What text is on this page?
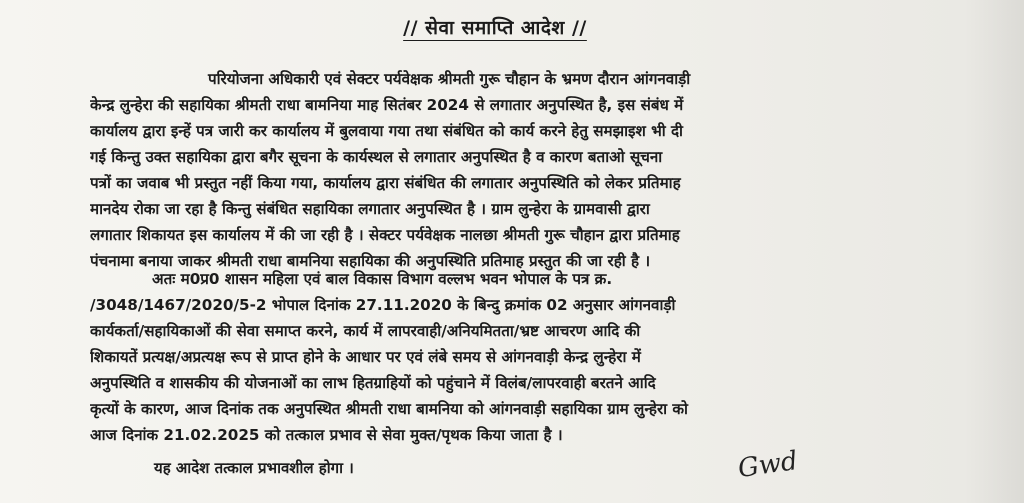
// सेवा समाप्ति आदेश //
परियोजना अधिकारी एवं सेक्टर पर्यवेक्षक श्रीमती गुरू चौहान के भ्रमण दौरान आंगनवाड़ी
केन्द्र लुन्हेरा की सहायिका श्रीमती राधा बामनिया माह सितंबर 2024 से लगातार अनुपस्थित है, इस संबंध में
कार्यालय द्वारा इन्हें पत्र जारी कर कार्यालय में बुलवाया गया तथा संबंधित को कार्य करने हेतु समझाइश भी दी
गई किन्तु उक्त सहायिका द्वारा बगैर सूचना के कार्यस्थल से लगातार अनुपस्थित है व कारण बताओ सूचना
पत्रों का जवाब भी प्रस्तुत नहीं किया गया, कार्यालय द्वारा संबंधित की लगातार अनुपस्थिति को लेकर प्रतिमाह
मानदेय रोका जा रहा है किन्तु संबंधित सहायिका लगातार अनुपस्थित है । ग्राम लुन्हेरा के ग्रामवासी द्वारा
लगातार शिकायत इस कार्यालय में की जा रही है । सेक्टर पर्यवेक्षक नालछा श्रीमती गुरू चौहान द्वारा प्रतिमाह
पंचनामा बनाया जाकर श्रीमती राधा बामनिया सहायिका की अनुपस्थिति प्रतिमाह प्रस्तुत की जा रही है ।
अतः म0प्र0 शासन महिला एवं बाल विकास विभाग वल्लभ भवन भोपाल के पत्र क्र.
/3048/1467/2020/5-2 भोपाल दिनांक 27.11.2020 के बिन्दु क्रमांक 02 अनुसार आंगनवाड़ी
कार्यकर्ता/सहायिकाओं की सेवा समाप्त करने, कार्य में लापरवाही/अनियमितता/भ्रष्ट आचरण आदि की
शिकायतें प्रत्यक्ष/अप्रत्यक्ष रूप से प्राप्त होने के आधार पर एवं लंबे समय से आंगनवाड़ी केन्द्र लुन्हेरा में
अनुपस्थिति व शासकीय की योजनाओं का लाभ हितग्राहियों को पहुंचाने में विलंब/लापरवाही बरतने आदि
कृत्यों के कारण, आज दिनांक तक अनुपस्थित श्रीमती राधा बामनिया को आंगनवाड़ी सहायिका ग्राम लुन्हेरा को
आज दिनांक 21.02.2025 को तत्काल प्रभाव से सेवा मुक्त/पृथक किया जाता है ।
यह आदेश तत्काल प्रभावशील होगा ।	Gwd
